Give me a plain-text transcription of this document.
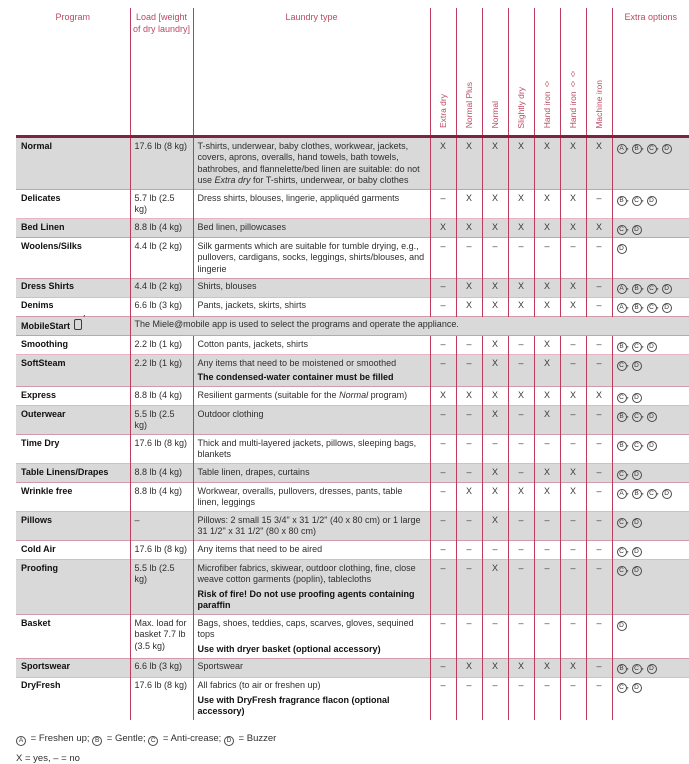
Program	Load [weight of dry laundry]	Laundry type	Extra dry	Normal Plus	Normal	Slightly dry	Hand iron ◊	Hand iron ◊◊	Machine iron	Extra options
Normal	17.6 lb (8 kg)	T-shirts, underwear, baby clothes, workwear, jackets, covers, aprons, overalls, hand towels, bath towels, bathrobes, and flannelette/bed linen are suitable: do not use Extra dry for T-shirts, underwear, or baby clothes	X	X	X	X	X	X	X	A , B , C , D
Delicates	5.7 lb (2.5 kg)	Dress shirts, blouses, lingerie, appliquéd garments	–	X	X	X	X	X	–	B , C , D
Bed Linen	8.8 lb (4 kg)	Bed linen, pillowcases	X	X	X	X	X	X	X	C , D
Woolens/Silks	4.4 lb (2 kg)	Silk garments which are suitable for tumble drying, e.g., pullovers, cardigans, socks, leggings, shirts/blouses, and lingerie	–	–	–	–	–	–	–	D
Dress Shirts	4.4 lb (2 kg)	Shirts, blouses	–	X	X	X	X	X	–	A , B , C , D
Denims	6.6 lb (3 kg)	Pants, jackets, skirts, shirts	–	X	X	X	X	X	–	A , B , C , D
MobileStart′	The Miele@mobile app is used to select the programs and operate the appliance.									
Smoothing	2.2 lb (1 kg)	Cotton pants, jackets, shirts	–	–	X	–	X	–	–	B , C , D
SoftSteam	2.2 lb (1 kg)	Any items that need to be moistened or smoothed
The condensed-water container must be filled	–	–	X	–	X	–	–	C , D
Express	8.8 lb (4 kg)	Resilient garments (suitable for the Normal program)	X	X	X	X	X	X	X	C , D
Outerwear	5.5 lb (2.5 kg)	Outdoor clothing	–	–	X	–	X	–	–	B , C , D
Time Dry	17.6 lb (8 kg)	Thick and multi-layered jackets, pillows, sleeping bags, blankets	–	–	–	–	–	–	–	B , C , D
Table Linens/Drapes	8.8 lb (4 kg)	Table linen, drapes, curtains	–	–	X	–	X	X	–	C , D
Wrinkle free	8.8 lb (4 kg)	Workwear, overalls, pullovers, dresses, pants, table linen, leggings	–	X	X	X	X	X	–	A , B , C , D
Pillows	–	Pillows: 2 small 15 3/4" x 31 1/2" (40 x 80 cm) or 1 large 31 1/2" x 31 1/2" (80 x 80 cm)	–	–	X	–	–	–	–	C , D
Cold Air	17.6 lb (8 kg)	Any items that need to be aired	–	–	–	–	–	–	–	C , D
Proofing	5.5 lb (2.5 kg)	Microfiber fabrics, skiwear, outdoor clothing, fine, close weave cotton garments (poplin), tablecloths
Risk of fire! Do not use proofing agents containing paraffin	–	–	X	–	–	–	–	C , D
Basket	Max. load for basket 7.7 lb (3.5 kg)	Bags, shoes, teddies, caps, scarves, gloves, sequined tops
Use with dryer basket (optional accessory)	–	–	–	–	–	–	–	D
Sportswear	6.6 lb (3 kg)	Sportswear	–	X	X	X	X	X	–	B , C , D
DryFresh	17.6 lb (8 kg)	All fabrics (to air or freshen up)
Use with DryFresh fragrance flacon (optional accessory)	–	–	–	–	–	–	–	C , D
A = Freshen up; B = Gentle; C = Anti-crease; D = Buzzer
X = yes, – = no
